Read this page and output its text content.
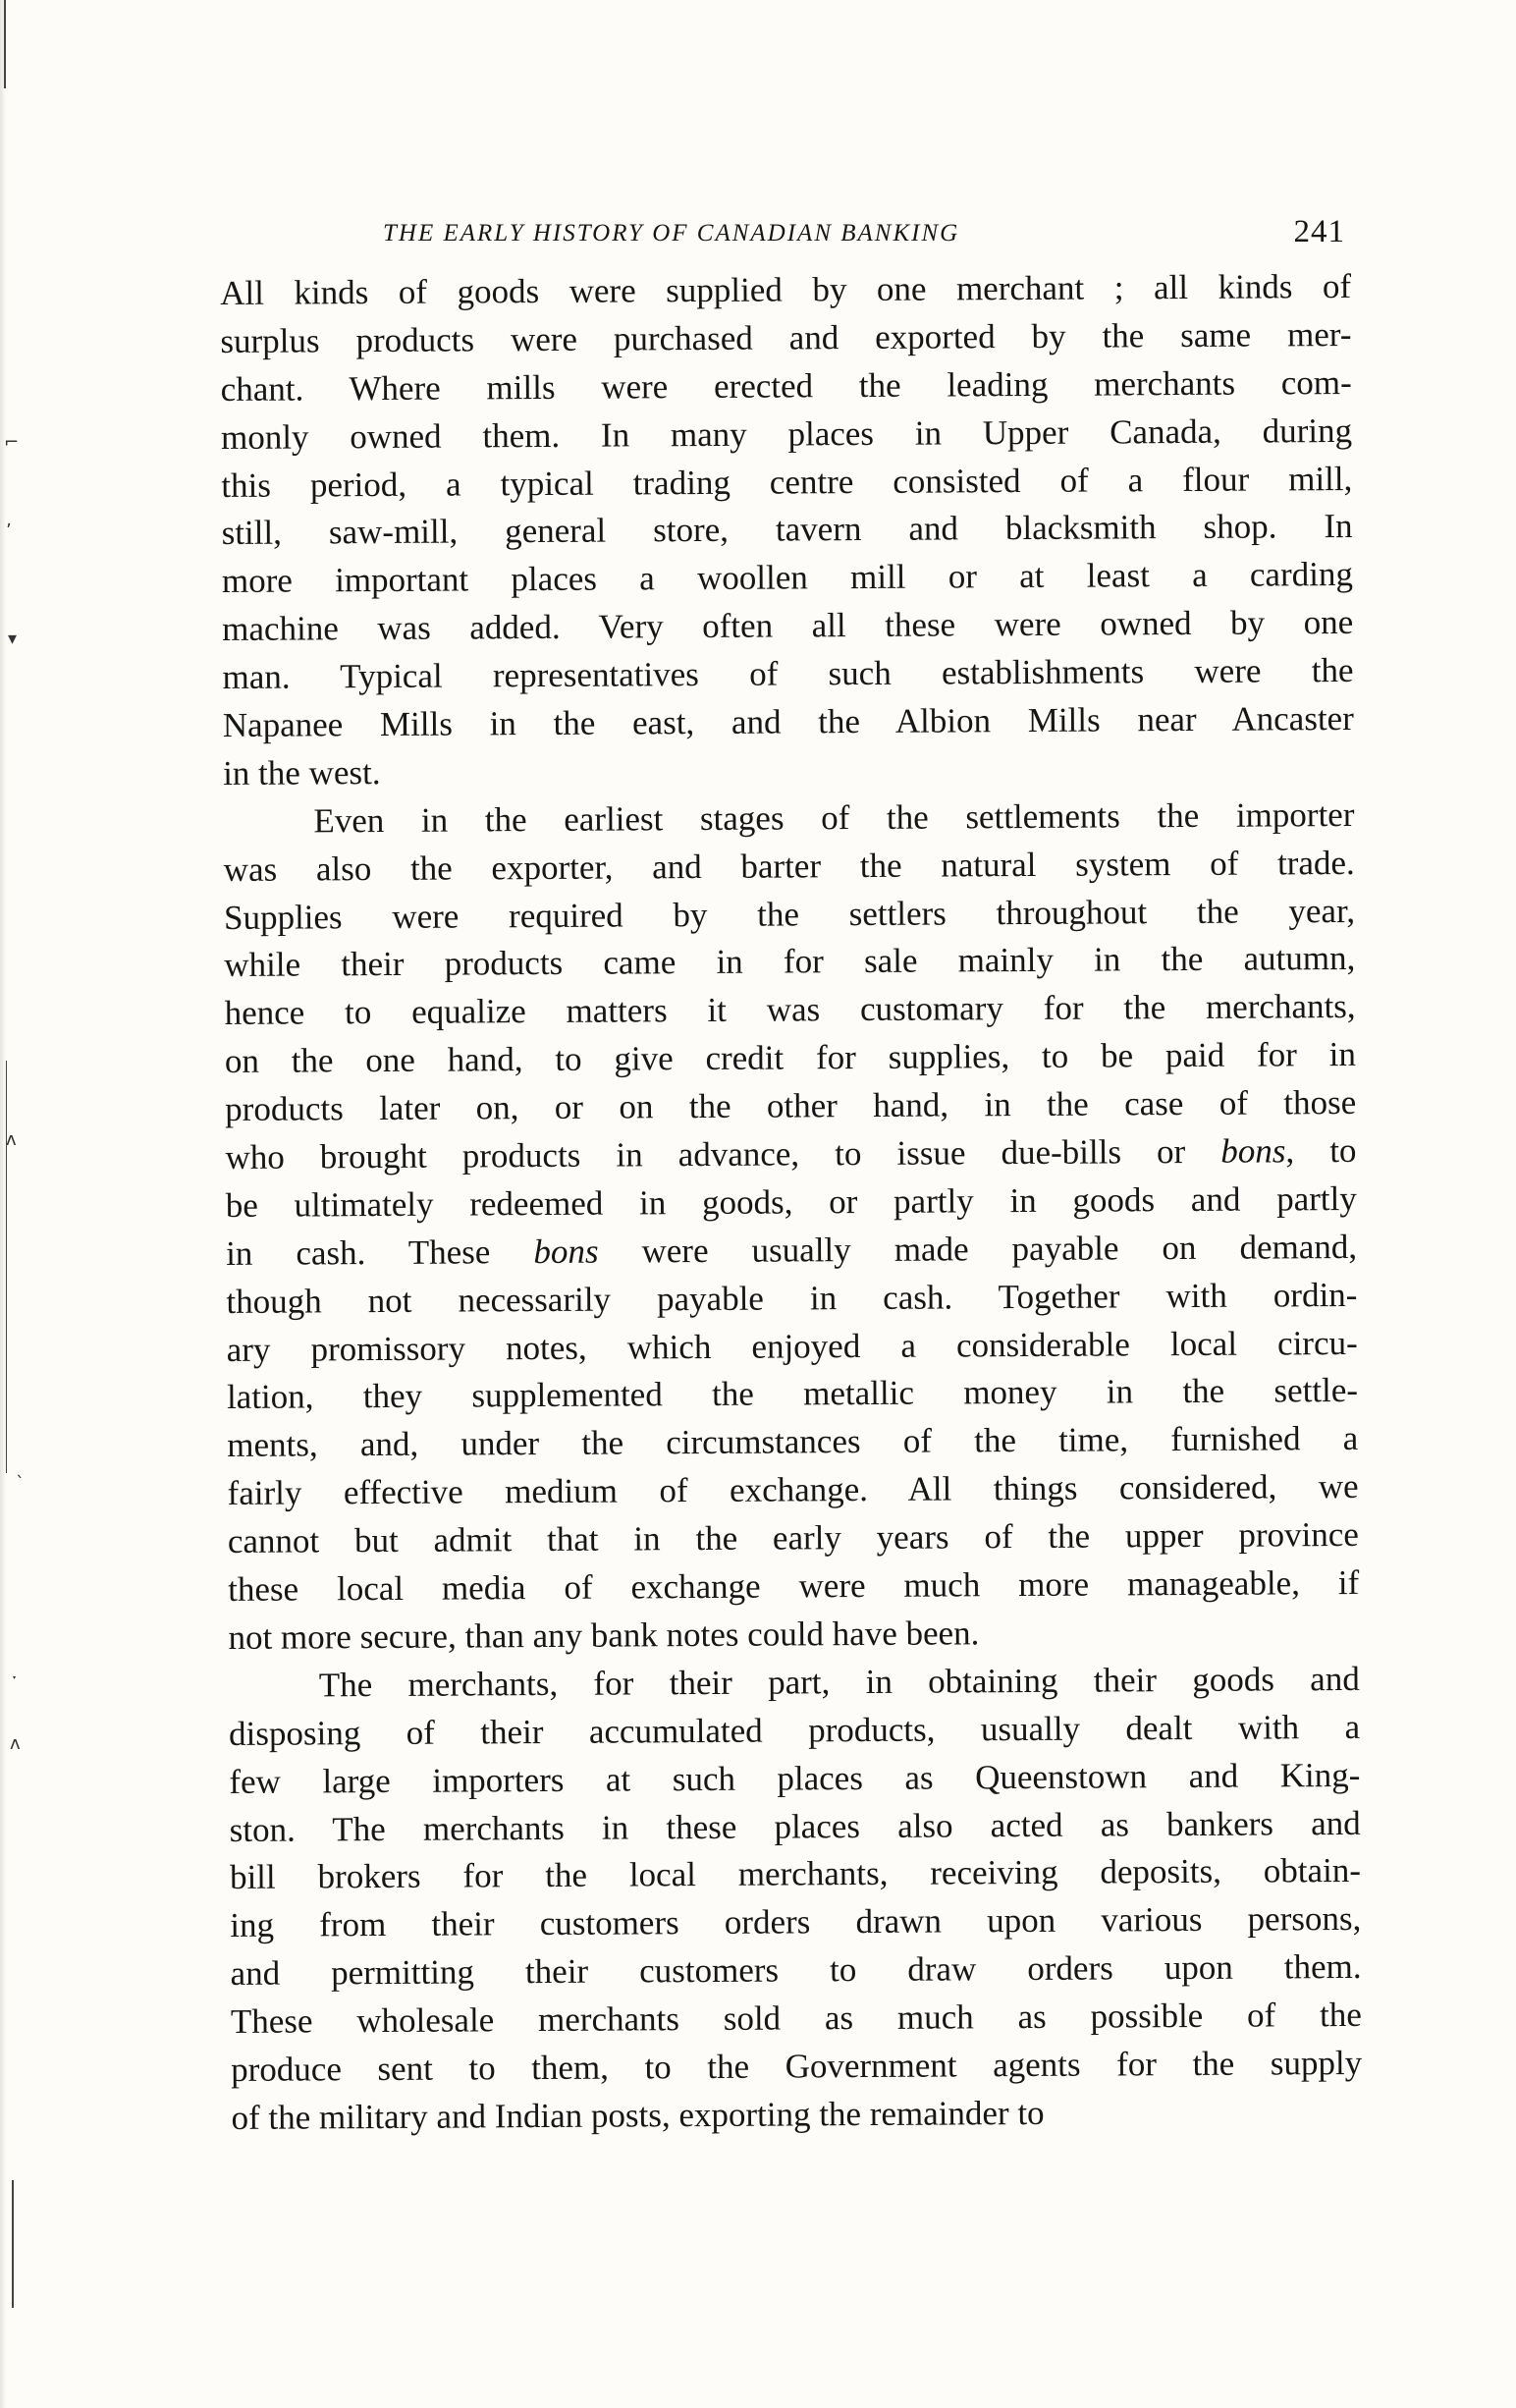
⌐
ʼ
▾
ʌ
ˋ
ˑ
ʌ
THE EARLY HISTORY OF CANADIAN BANKING	241
All kinds of goods were supplied by one merchant ; all kinds of
surplus products were purchased and exported by the same mer-
chant. Where mills were erected the leading merchants com-
monly owned them. In many places in Upper Canada, during
this period, a typical trading centre consisted of a flour mill,
still, saw-mill, general store, tavern and blacksmith shop. In
more important places a woollen mill or at least a carding
machine was added. Very often all these were owned by one
man. Typical representatives of such establishments were the
Napanee Mills in the east, and the Albion Mills near Ancaster
in the west.
Even in the earliest stages of the settlements the importer
was also the exporter, and barter the natural system of trade.
Supplies were required by the settlers throughout the year,
while their products came in for sale mainly in the autumn,
hence to equalize matters it was customary for the merchants,
on the one hand, to give credit for supplies, to be paid for in
products later on, or on the other hand, in the case of those
who brought products in advance, to issue due-bills or bons, to
be ultimately redeemed in goods, or partly in goods and partly
in cash. These bons were usually made payable on demand,
though not necessarily payable in cash. Together with ordin-
ary promissory notes, which enjoyed a considerable local circu-
lation, they supplemented the metallic money in the settle-
ments, and, under the circumstances of the time, furnished a
fairly effective medium of exchange. All things considered, we
cannot but admit that in the early years of the upper province
these local media of exchange were much more manageable, if
not more secure, than any bank notes could have been.
The merchants, for their part, in obtaining their goods and
disposing of their accumulated products, usually dealt with a
few large importers at such places as Queenstown and King-
ston. The merchants in these places also acted as bankers and
bill brokers for the local merchants, receiving deposits, obtain-
ing from their customers orders drawn upon various persons,
and permitting their customers to draw orders upon them.
These wholesale merchants sold as much as possible of the
produce sent to them, to the Government agents for the supply
of the military and Indian posts, exporting the remainder to
